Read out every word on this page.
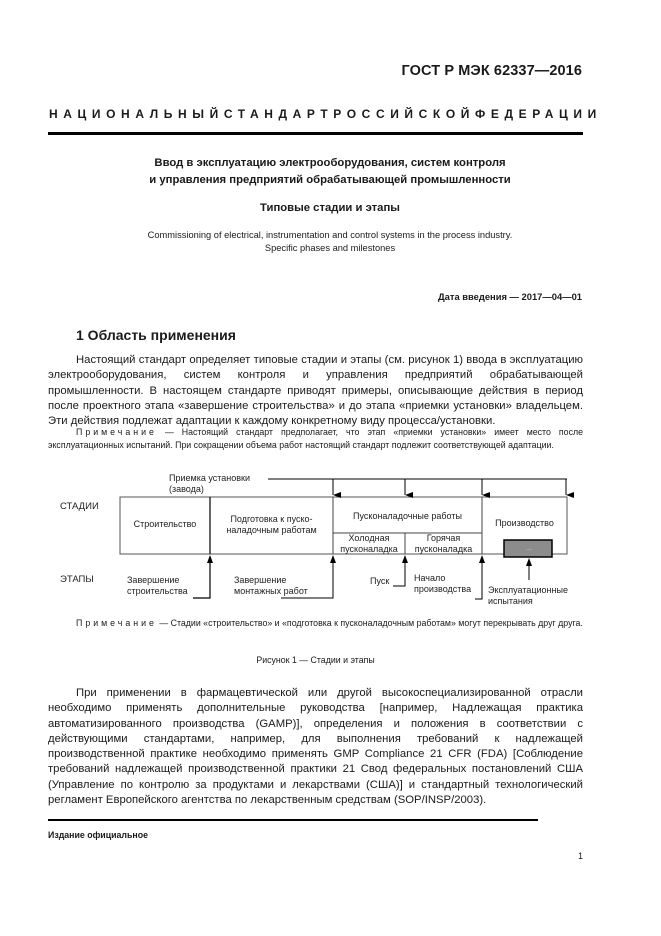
ГОСТ Р МЭК 62337—2016
НАЦИОНАЛЬНЫЙ СТАНДАРТ РОССИЙСКОЙ ФЕДЕРАЦИИ
Ввод в эксплуатацию электрооборудования, систем контроля
и управления предприятий обрабатывающей промышленности
Типовые стадии и этапы
Commissioning of electrical, instrumentation and control systems in the process industry.
Specific phases and milestones
Дата введения — 2017—04—01
1 Область применения
Настоящий стандарт определяет типовые стадии и этапы (см. рисунок 1) ввода в эксплуатацию электрооборудования, систем контроля и управления предприятий обрабатывающей промышленности. В настоящем стандарте приводят примеры, описывающие действия в период после проектного этапа «завершение строительства» и до этапа «приемки установки» владельцем. Эти действия подлежат адаптации к каждому конкретному виду процесса/установки.
Примечание — Настоящий стандарт предполагает, что этап «приемки установки» имеет место после эксплуатационных испытаний. При сокращении объема работ настоящий стандарт подлежит соответствующей адаптации.
СТАДИИ
ЭТАПЫ
Приемка установки
(завода)
Строительство	Подготовка к пуско-
наладочным работам
Пусконаладочные работы
Холодная
пусконаладка
Горячая
пусконаладка
Производство
...
Завершение
строительства
Завершение
монтажных работ
Пуск	Начало
производства Эксплуатационные
испытания
Примечание — Стадии «строительство» и «подготовка к пусконаладочным работам» могут перекрывать друг друга.
Рисунок 1 — Стадии и этапы
При применении в фармацевтической или другой высокоспециализированной отрасли необходимо применять дополнительные руководства [например, Надлежащая практика автоматизированного производства (GAMP)], определения и положения в соответствии с действующими стандартами, например, для выполнения требований к надлежащей производственной практике необходимо применять GMP Compliance 21 CFR (FDA) [Соблюдение требований надлежащей производственной практики 21 Свод федеральных постановлений США (Управление по контролю за продуктами и лекарствами (США)] и стандартный технологический регламент Европейского агентства по лекарственным средствам (SOP/INSP/2003).
Издание официальное
1
